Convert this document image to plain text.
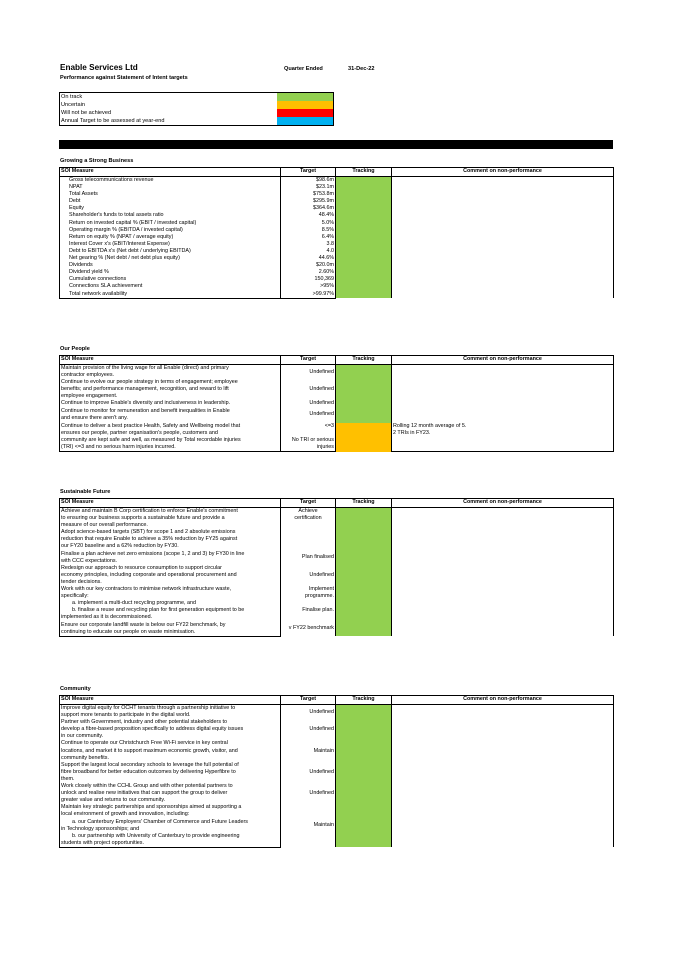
Enable Services Ltd
Performance against Statement of Intent targets
Quarter Ended	31-Dec-22
On track	
Uncertain	
Will not be achieved	
Annual Target to be assessed at year-end	
Growing a Strong Business
SOI Measure	Target	Tracking	Comment on non-performance
Gross telecommunications revenue	$98.6m		
NPAT	$23.1m		
Total Assets	$753.8m		
Debt	$295.9m		
Equity	$364.6m		
Shareholder's funds to total assets ratio	48.4%		
Return on invested capital % (EBIT / invested capital)	5.0%		
Operating margin % (EBITDA / invested capital)	8.5%		
Return on equity % (NPAT / average equity)	6.4%		
Interest Cover x's (EBIT/Interest Expense)	3.8		
Debt to EBITDA x's (Net debt / underlying EBITDA)	4.0		
Net gearing % (Net debt / net debt plus equity)	44.6%		
Dividends	$20.0m		
Dividend yield %	2.60%		
Cumulative connections	150,369		
Connections SLA achievement	>95%		
Total network availability	>99.97%		
Our People
SOI Measure	Target	Tracking	Comment on non-performance
Maintain provision of the living wage for all Enable (direct) and primary	Undefined		
contractor employees.			
Continue to evolve our people strategy in terms of engagement; employee	Undefined		
benefits; and performance management, recognition, and reward to lift			
employee engagement.			
Continue to improve Enable's diversity and inclusiveness in leadership.	Undefined		
Continue to monitor for remuneration and benefit inequalities in Enable	Undefined		
and ensure there aren't any.			

Continue to deliver a best practice Health, Safety and Wellbeing model that	<=3		Rolling 12 month average of 5.
ensures our people, partner organisation's people, customers and			2 TRIs in FY23.
community are kept safe and well, as measured by Total recordable injuries	No TRI or serious		
(TRI) <=3 and no serious harm injuries incurred.	injuries		
Sustainable Future
SOI Measure	Target	Tracking	Comment on non-performance
Achieve and maintain B Corp certification to enforce Enable's commitment	Achieve		
to ensuring our business supports a sustainable future and provide a	certification		
measure of our overall performance.			
Adopt science-based targets (SBT) for scope 1 and 2 absolute emissions			
reduction that require Enable to achieve a 35% reduction by FY25 against			
our FY20 baseline and a 62% reduction by FY30.			
Finalise a plan achieve net zero emissions (scope 1, 2 and 3) by FY30 in line	Plan finalised		
with CCC expectations.			
Redesign our approach to resource consumption to support circular	Undefined		
economy principles, including corporate and operational procurement and			
tender decisions.			
Work with our key contractors to minimise network infrastructure waste,	Implement		
specifically:	programme.		
a. implement a multi-duct recycling programme, and			
b. finalise a reuse and recycling plan for first generation equipment to be	Finalise plan.		
implemented as it is decommissioned.			
Ensure our corporate landfill waste is below our FY22 benchmark, by	v FY22 benchmark		
continuing to educate our people on waste minimisation.			
Community
SOI Measure	Target	Tracking	Comment on non-performance
Improve digital equity for ÖCHT tenants through a partnership initiative to	Undefined		
support more tenants to participate in the digital world.			
Partner with Government, industry and other potential stakeholders to	Undefined		
develop a fibre-based proposition specifically to address digital equity issues			
in our community.			
Continue to operate our Christchurch Free Wi-Fi service in key central	Maintain		
locations, and market it to support maximum economic growth, visitor, and			
community benefits.			
Support the largest local secondary schools to leverage the full potential of	Undefined		
fibre broadband for better education outcomes by delivering Hyperfibre to			
them.			
Work closely within the CCHL Group and with other potential partners to	Undefined		
unlock and realise new initiatives that can support the group to deliver			
greater value and returns to our community.			
Maintain key strategic partnerships and sponsorships aimed at supporting a	Maintain		
local environment of growth and innovation, including:			
a. our Canterbury Employers' Chamber of Commerce and Future Leaders			
in Technology sponsorships; and			
b. our partnership with University of Canterbury to provide engineering			
students with project opportunities.			
